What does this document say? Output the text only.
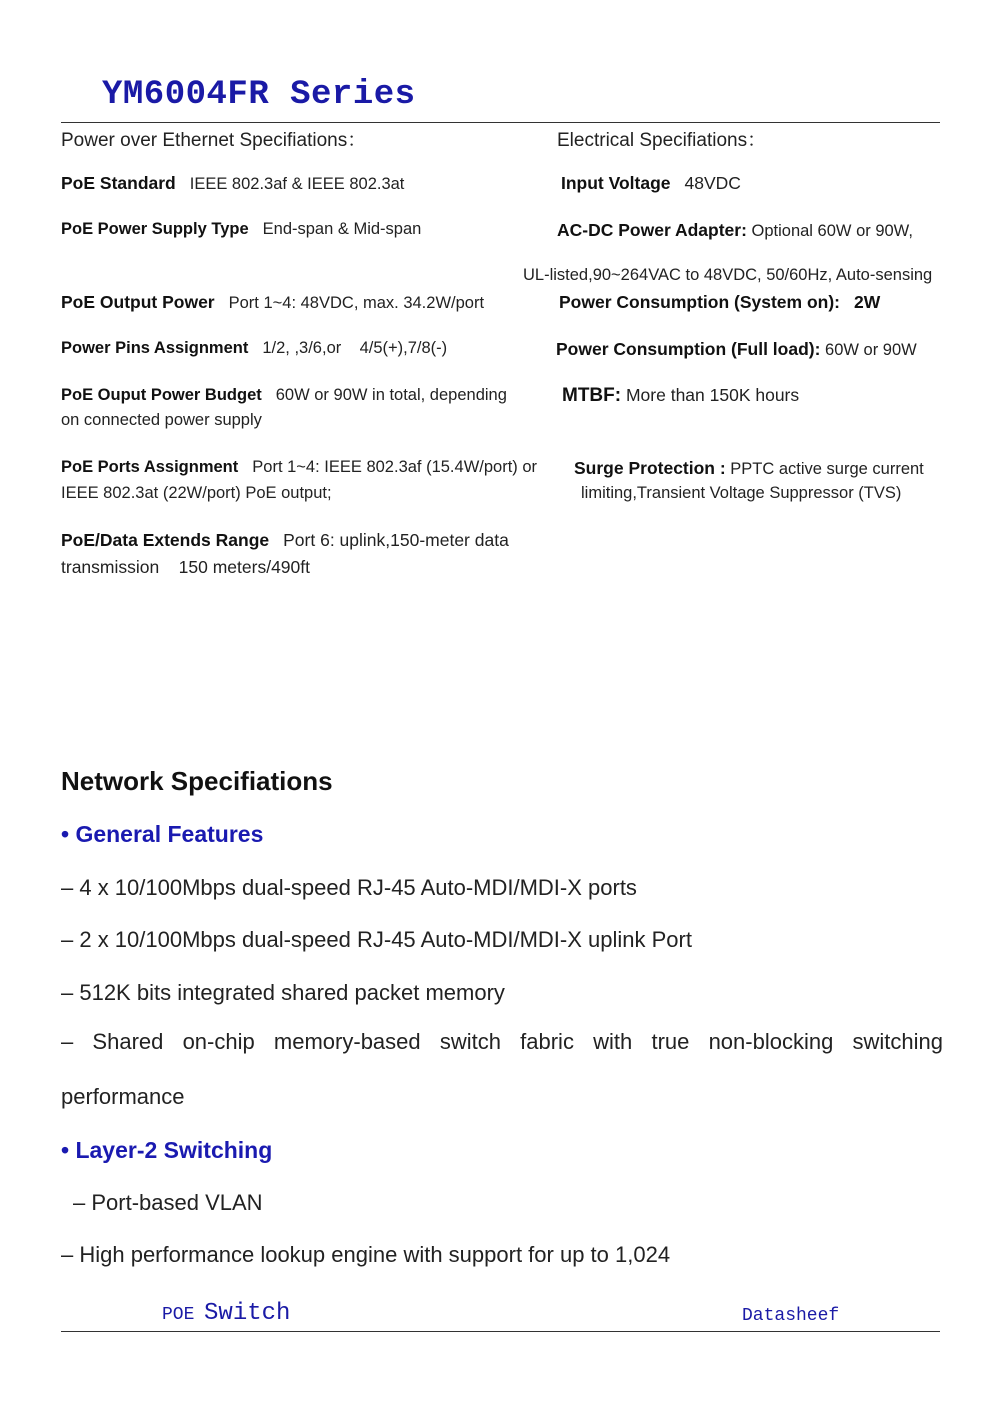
YM6004FR Series
Power over Ethernet Specifiations：
PoE Standard IEEE 802.3af & IEEE 802.3at
PoE Power Supply Type End-span & Mid-span
PoE Output Power Port 1~4: 48VDC, max. 34.2W/port
Power Pins Assignment 1/2, ,3/6,or    4/5(+),7/8(-)
PoE Ouput Power Budget 60W or 90W in total, depending
on connected power supply
PoE Ports Assignment Port 1~4: IEEE 802.3af (15.4W/port) or
IEEE 802.3at (22W/port) PoE output;
PoE/Data Extends Range Port 6: uplink,150-meter data
transmission    150 meters/490ft
Electrical Specifiations：
Input Voltage 48VDC
AC-DC Power Adapter: Optional 60W or 90W,
UL-listed,90~264VAC to 48VDC, 50/60Hz, Auto-sensing
Power Consumption (System on): 2W
Power Consumption (Full load): 60W or 90W
MTBF: More than 150K hours
Surge Protection : PPTC active surge current
limiting,Transient Voltage Suppressor (TVS)
Network Specifiations
• General Features
– 4 x 10/100Mbps dual-speed RJ-45 Auto-MDI/MDI-X ports
– 2 x 10/100Mbps dual-speed RJ-45 Auto-MDI/MDI-X uplink Port
– 512K bits integrated shared packet memory
– Shared on-chip memory-based switch fabric with true non-blocking switching
performance
• Layer-2 Switching
– Port-based VLAN
– High performance lookup engine with support for up to 1,024
POE Switch	Datasheef
